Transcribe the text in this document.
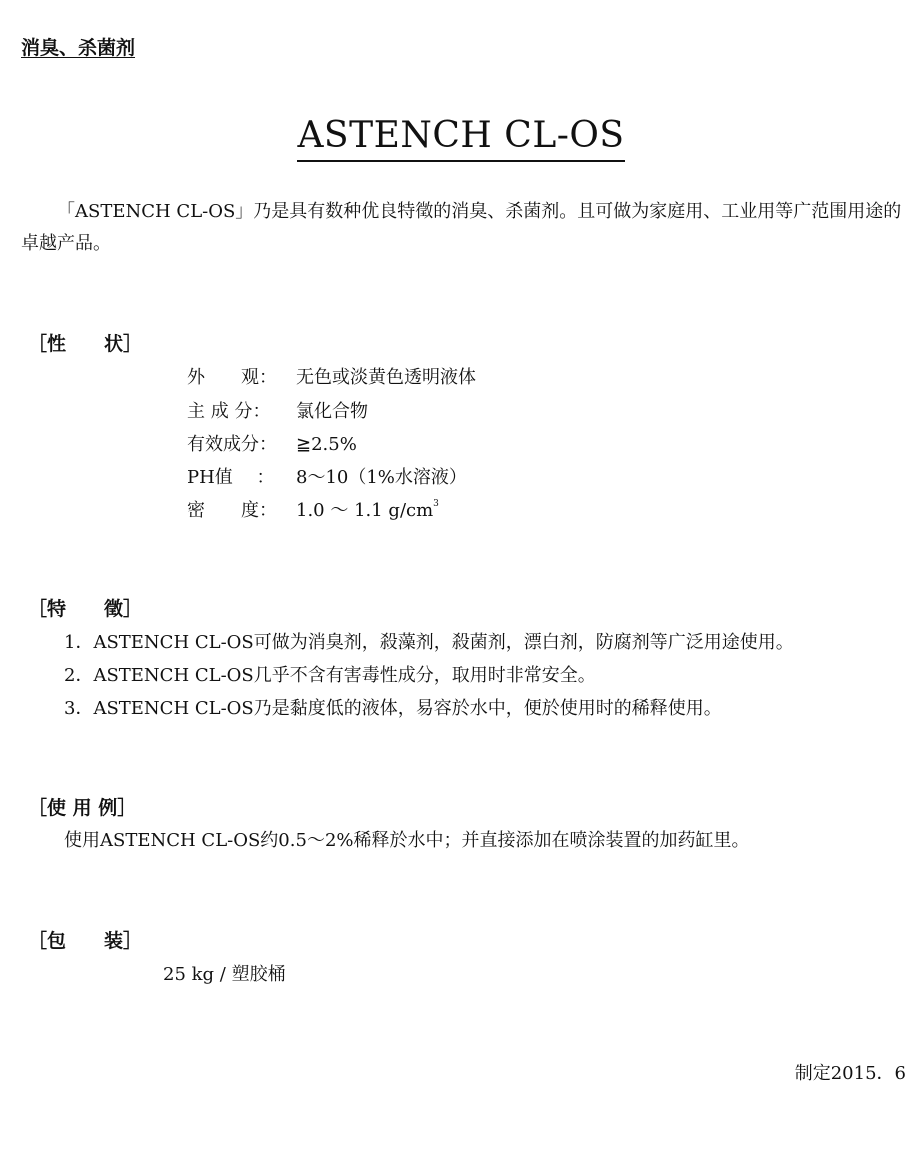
消臭、杀菌剂
ASTENCH CL-OS
「ASTENCH CL-OS」乃是具有数种优良特徵的消臭、杀菌剂。且可做为家庭用、工业用等广范围用途的卓越产品。
［性　　状］
外　　观： 无色或淡黄色透明液体
主 成 分： 氯化合物
有效成分： ≧2.5%
PH值　 ： 8～10（1%水溶液）
密　　度： 1.0 ～ 1.1 $g/cm^3$
［特　　徵］
1．ASTENCH CL-OS可做为消臭剂，殺藻剂，殺菌剂，漂白剂，防腐剂等广泛用途使用。
2．ASTENCH CL-OS几乎不含有害毒性成分，取用时非常安全。
3．ASTENCH CL-OS乃是黏度低的液体，易容於水中，便於使用时的稀释使用。
［使 用 例］
使用ASTENCH CL-OS约0.5～2%稀释於水中；并直接添加在喷涂装置的加药缸里。
［包　　装］
25 kg / 塑胶桶
制定2015．6
